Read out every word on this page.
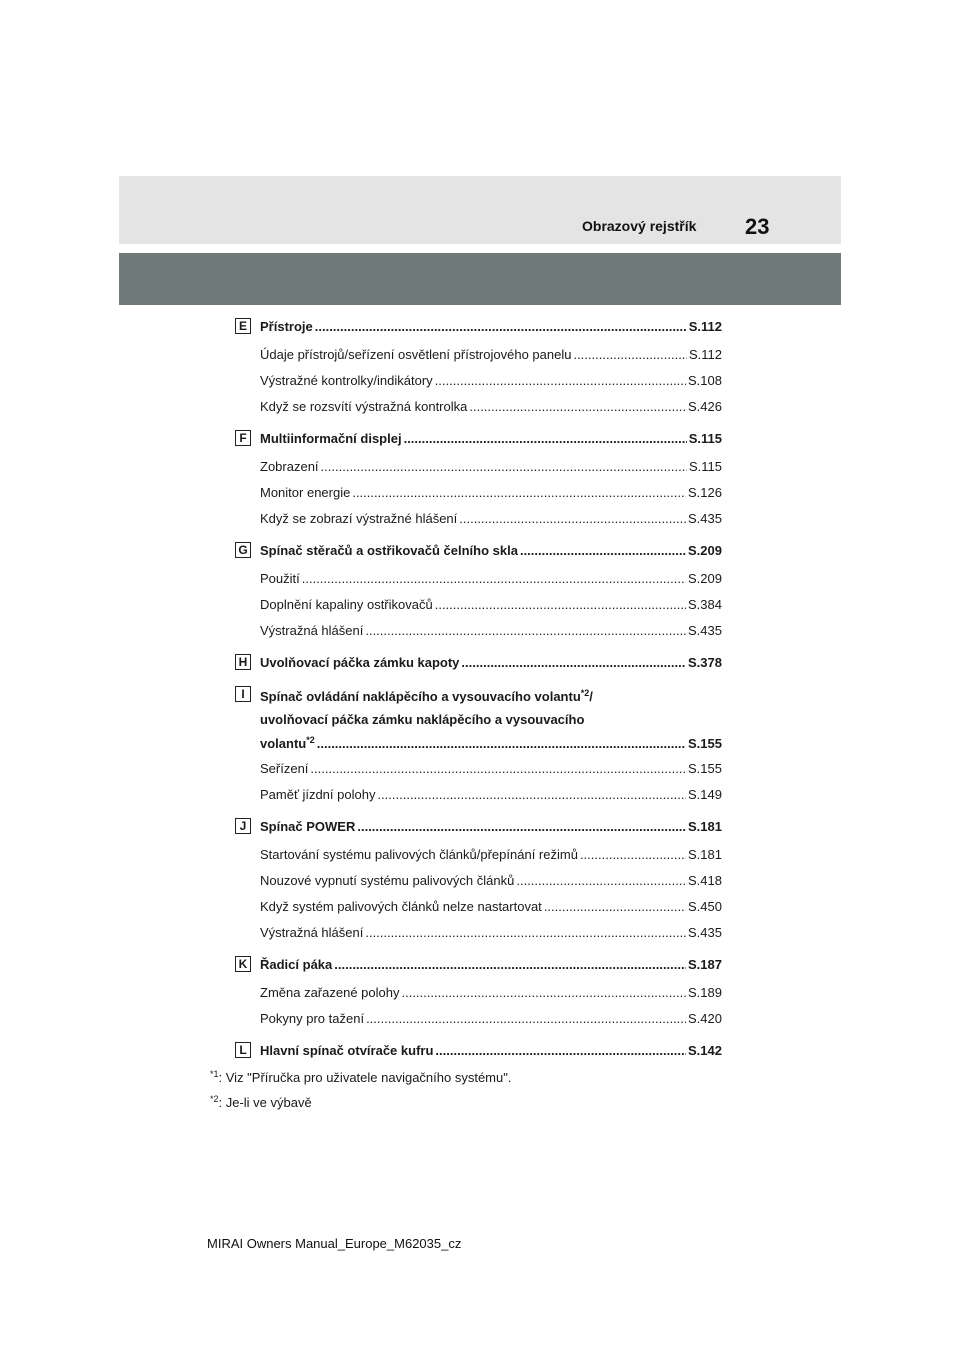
Obrazový rejstřík 23
E	Přístroje .....	S.112
Údaje přístrojů/seřízení osvětlení přístrojového panelu .....	S.112
Výstražné kontrolky/indikátory .....	S.108
Když se rozsvítí výstražná kontrolka .....	S.426
F	Multiinformační displej .....	S.115
Zobrazení .....	S.115
Monitor energie .....	S.126
Když se zobrazí výstražné hlášení .....	S.435
G Spínač stěračů a ostřikovačů čelního skla .....	S.209
Použití .....	S.209
Doplnění kapaliny ostřikovačů .....	S.384
Výstražná hlášení .....	S.435
H Uvolňovací páčka zámku kapoty .....	S.378
I	Spínač ovládání naklápěcího a vysouvacího volantu$^{*2}$/
uvolňovací páčka zámku naklápěcího a vysouvacího
volantu$^{*2}$ .....	S.155
Seřízení .....	S.155
Paměť jízdní polohy .....	S.149
J	Spínač POWER .....	S.181
Startování systému palivových článků/přepínání režimů .....	S.181
Nouzové vypnutí systému palivových článků .....	S.418
Když systém palivových článků nelze nastartovat .....	S.450
Výstražná hlášení .....	S.435
K Řadicí páka .....	S.187
Změna zařazené polohy .....	S.189
Pokyny pro tažení .....	S.420
L	Hlavní spínač otvírače kufru .....	S.142
$^{*1}$: Viz "Příručka pro uživatele navigačního systému".
$^{*2}$: Je-li ve výbavě
MIRAI Owners Manual_Europe_M62035_cz
